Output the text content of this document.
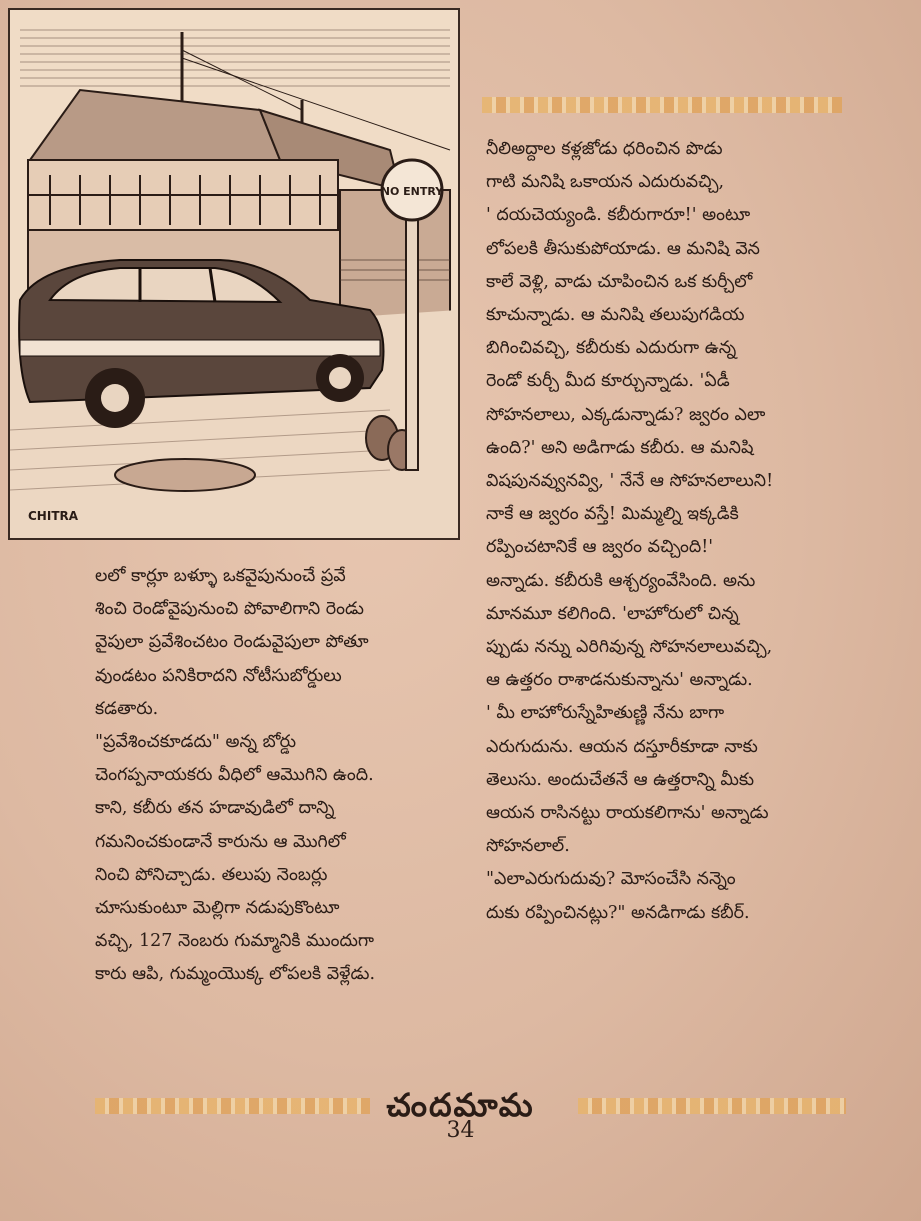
NO ENTRY
CHITRA
నీలిఅద్దాల కళ్లజోడు ధరించిన పొడు
గాటి మనిషి ఒకాయన ఎదురువచ్చి,
' దయచెయ్యండి. కబీరుగారూ!' అంటూ
లోపలకి తీసుకుపోయాడు. ఆ మనిషి వెన
కాలే వెళ్లి, వాడు చూపించిన ఒక కుర్చీలో
కూచున్నాడు. ఆ మనిషి తలుపుగడియ
బిగించివచ్చి, కబీరుకు ఎదురుగా ఉన్న
రెండో కుర్చీ మీద కూర్చున్నాడు. 'ఏడీ
సోహనలాలు, ఎక్కడున్నాడు? జ్వరం ఎలా
ఉంది?' అని అడిగాడు కబీరు. ఆ మనిషి
విషపునవ్వునవ్వి, ' నేనే ఆ సోహనలాలుని!
నాకే ఆ జ్వరం వస్తే! మిమ్మల్ని ఇక్కడికి
రప్పించటానికే ఆ జ్వరం వచ్చింది!'
అన్నాడు. కబీరుకి ఆశ్చర్యంవేసింది. అను
మానమూ కలిగింది. 'లాహోరులో చిన్న
ప్పుడు నన్ను ఎరిగివున్న సోహనలాలువచ్చి,
ఆ ఉత్తరం రాశాడనుకున్నాను' అన్నాడు.
' మీ లాహోరుస్నేహితుణ్ణి నేను బాగా
ఎరుగుదును. ఆయన దస్తూరీకూడా నాకు
తెలుసు. అందుచేతనే ఆ ఉత్తరాన్ని మీకు
ఆయన రాసినట్టు రాయకలిగాను' అన్నాడు
సోహనలాల్.
"ఎలాఎరుగుదువు? మోసంచేసి నన్నెం
దుకు రప్పించినట్లు?" అనడిగాడు కబీర్.
లలో కార్లూ బళ్ళూ ఒకవైపునుంచే ప్రవే
శించి రెండోవైపునుంచి పోవాలిగాని రెండు
వైపులా ప్రవేశించటం రెండువైపులా పోతూ
వుండటం పనికిరాదని నోటీసుబోర్డులు
కడతారు.
"ప్రవేశించకూడదు" అన్న బోర్డు
చెంగప్పనాయకరు వీధిలో ఆమొగిని ఉంది.
కాని, కబీరు తన హడావుడిలో దాన్ని
గమనించకుండానే కారును ఆ మొగిలో
నించి పోనిచ్చాడు. తలుపు నెంబర్లు
చూసుకుంటూ మెల్లిగా నడుపుకొంటూ
వచ్చి, 127 నెంబరు గుమ్మానికి ముందుగా
కారు ఆపి, గుమ్మంయొక్క లోపలకి వెళ్లేడు.
చందమామ
34
